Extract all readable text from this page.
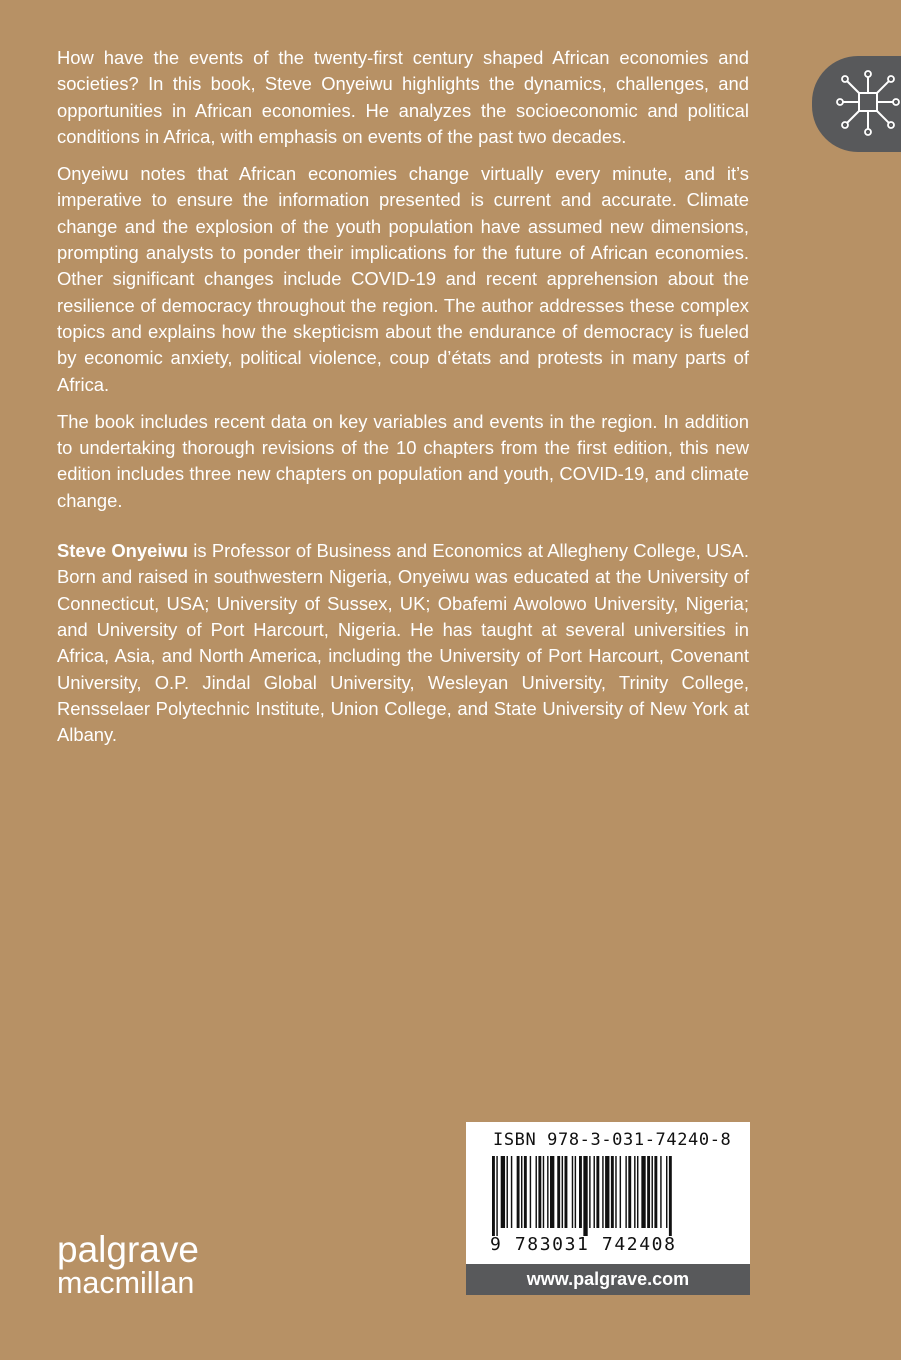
How have the events of the twenty-first century shaped African economies and societies? In this book, Steve Onyeiwu highlights the dynamics, challenges, and opportunities in African economies. He analyzes the socioeconomic and political conditions in Africa, with emphasis on events of the past two decades.

Onyeiwu notes that African economies change virtually every minute, and it’s imperative to ensure the information presented is current and accurate. Climate change and the explosion of the youth population have assumed new dimensions, prompting analysts to ponder their implications for the future of African economies. Other significant changes include COVID-19 and recent apprehension about the resilience of democracy throughout the region. The author addresses these complex topics and explains how the skepticism about the endurance of democracy is fueled by economic anxiety, political violence, coup d’états and protests in many parts of Africa.

The book includes recent data on key variables and events in the region. In addition to undertaking thorough revisions of the 10 chapters from the first edition, this new edition includes three new chapters on population and youth, COVID-19, and climate change.

Steve Onyeiwu is Professor of Business and Economics at Allegheny College, USA. Born and raised in southwestern Nigeria, Onyeiwu was educated at the University of Connecticut, USA; University of Sussex, UK; Obafemi Awolowo University, Nigeria; and University of Port Harcourt, Nigeria. He has taught at several universities in Africa, Asia, and North America, including the University of Port Harcourt, Covenant University, O.P. Jindal Global University, Wesleyan University, Trinity College, Rensselaer Polytechnic Institute, Union College, and State University of New York at Albany.

palgrave
macmillan
ISBN 978-3-031-74240-8
9 783031 742408
www.palgrave.com
